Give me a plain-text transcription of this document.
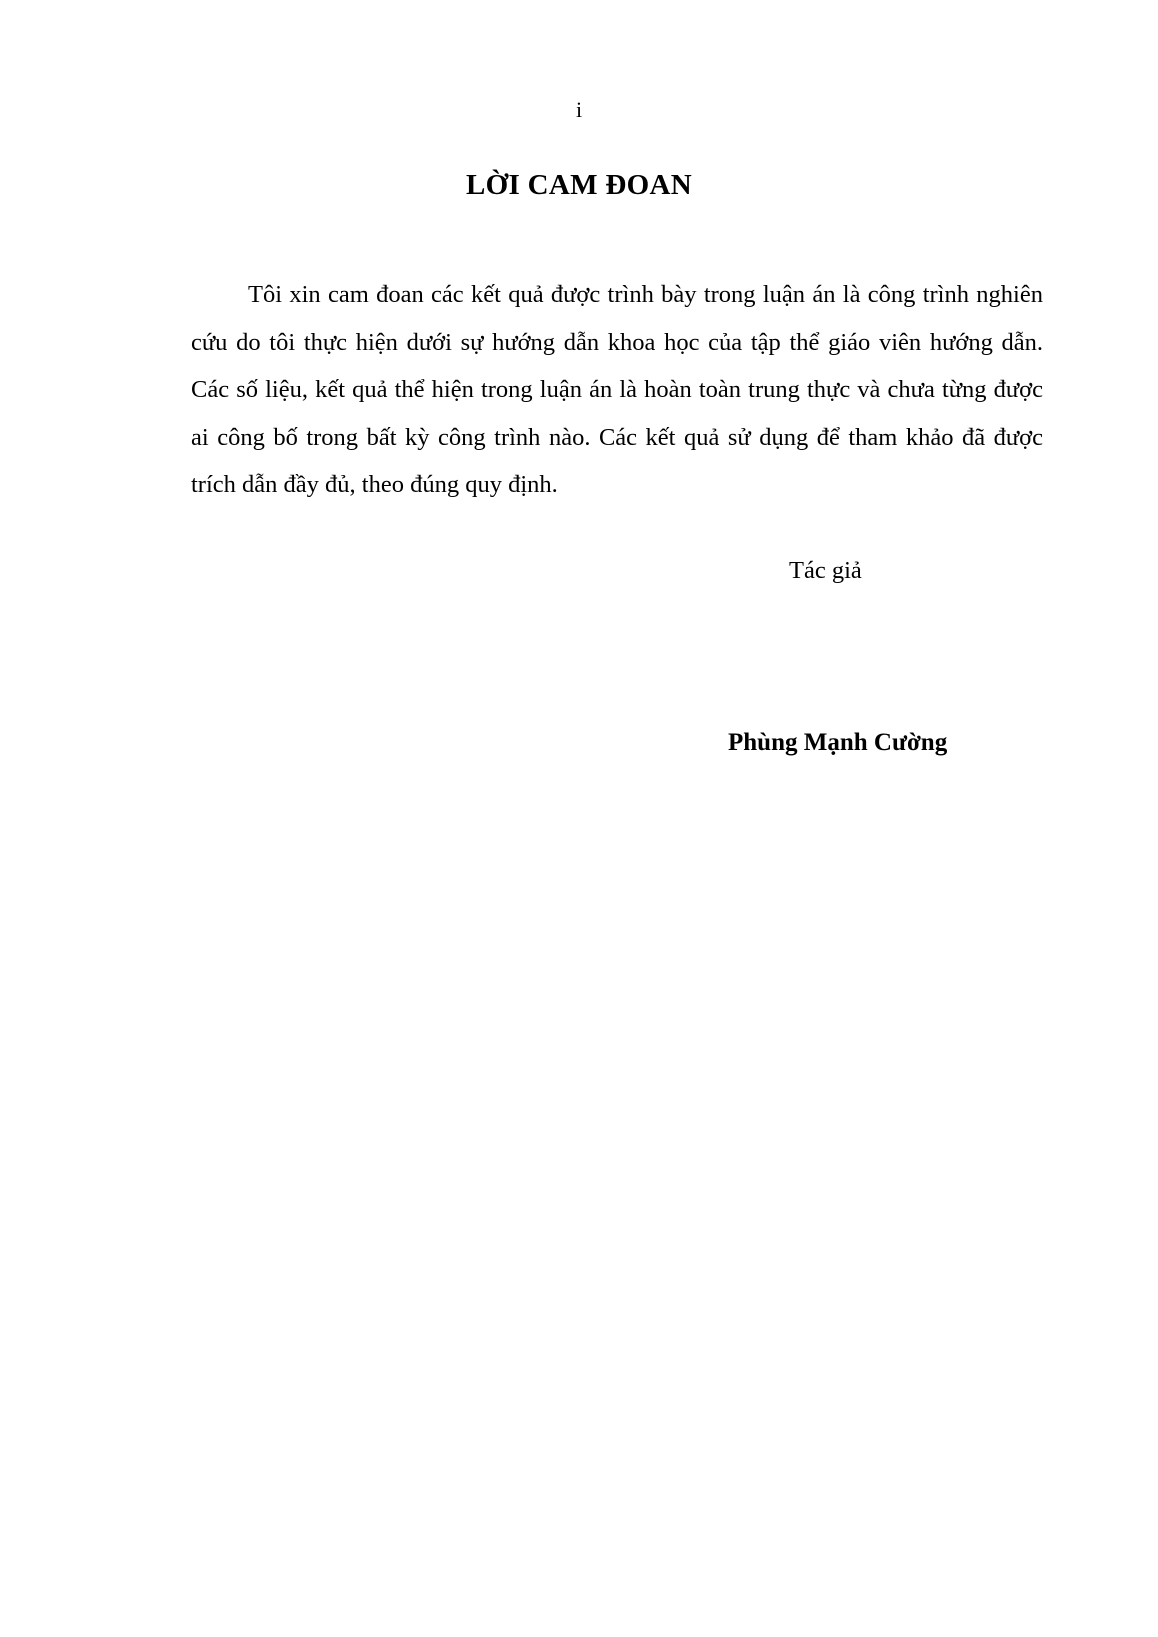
i
LỜI CAM ĐOAN

Tôi xin cam đoan các kết quả được trình bày trong luận án là công trình nghiên cứu do tôi thực hiện dưới sự hướng dẫn khoa học của tập thể giáo viên hướng dẫn. Các số liệu, kết quả thể hiện trong luận án là hoàn toàn trung thực và chưa từng được ai công bố trong bất kỳ công trình nào. Các kết quả sử dụng để tham khảo đã được trích dẫn đầy đủ, theo đúng quy định.

Tác giả
Phùng Mạnh Cường
